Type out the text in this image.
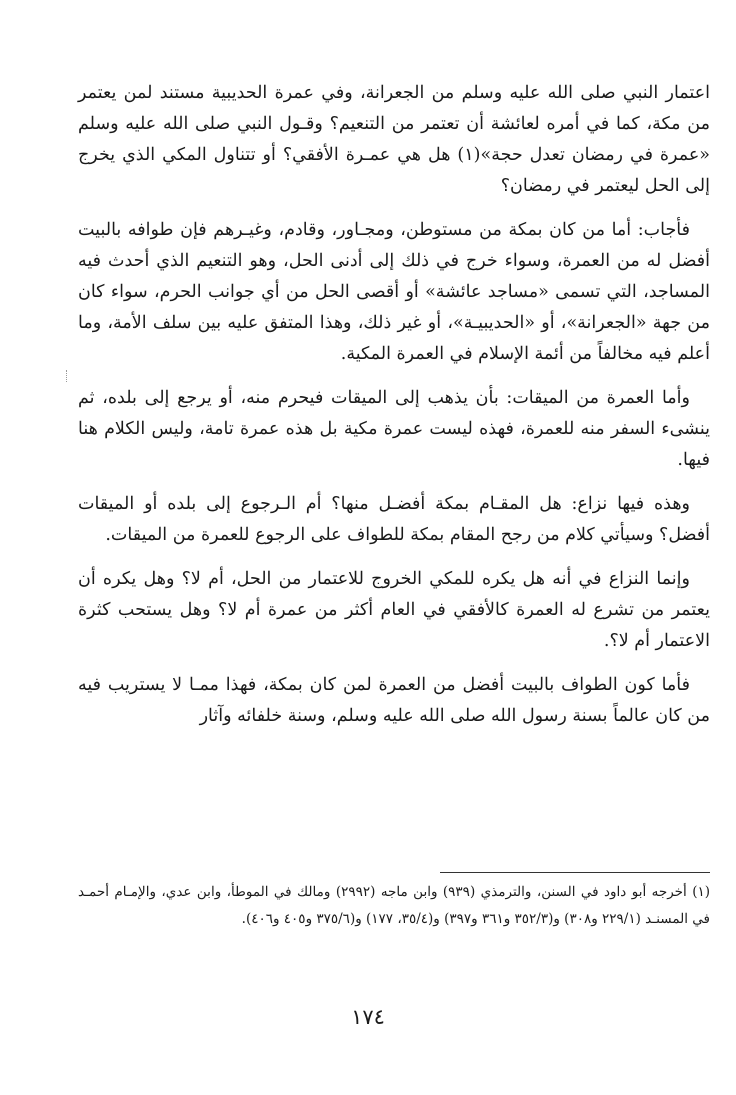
اعتمار النبي صلى الله عليه وسلم من الجعرانة، وفي عمرة الحديبية مستند لمن يعتمر من مكة، كما في أمره لعائشة أن تعتمر من التنعيم؟ وقـول النبي صلى الله عليه وسلم «عمرة في رمضان تعدل حجة»(١) هل هي عمـرة الأفقي؟ أو تتناول المكي الذي يخرج إلى الحل ليعتمر في رمضان؟

فأجاب: أما من كان بمكة من مستوطن، ومجـاور، وقادم، وغيـرهم فإن طوافه بالبيت أفضل له من العمرة، وسواء خرج في ذلك إلى أدنى الحل، وهو التنعيم الذي أحدث فيه المساجد، التي تسمى «مساجد عائشة» أو أقصى الحل من أي جوانب الحرم، سواء كان من جهة «الجعرانة»، أو «الحديبيـة»، أو غير ذلك، وهذا المتفق عليه بين سلف الأمة، وما أعلم فيه مخالفاً من أئمة الإسلام في العمرة المكية.

وأما العمرة من الميقات: بأن يذهب إلى الميقات فيحرم منه، أو يرجع إلى بلده، ثم ينشىء السفر منه للعمرة، فهذه ليست عمرة مكية بل هذه عمرة تامة، وليس الكلام هنا فيها.

وهذه فيها نزاع: هل المقـام بمكة أفضـل منها؟ أم الـرجوع إلى بلده أو الميقات أفضل؟ وسيأتي كلام من رجح المقام بمكة للطواف على الرجوع للعمرة من الميقات.

وإنما النزاع في أنه هل يكره للمكي الخروج للاعتمار من الحل، أم لا؟ وهل يكره أن يعتمر من تشرع له العمرة كالأفقي في العام أكثر من عمرة أم لا؟ وهل يستحب كثرة الاعتمار أم لا؟.

فأما كون الطواف بالبيت أفضل من العمرة لمن كان بمكة، فهذا ممـا لا يستريب فيه من كان عالماً بسنة رسول الله صلى الله عليه وسلم، وسنة خلفائه وآثار

(١) أخرجه أبو داود في السنن، والترمذي (٩٣٩) وابن ماجه (٢٩٩٢) ومالك في الموطأ، وابن عدي، والإمـام أحمـد في المسنـد (٢٢٩/١ و٣٠٨) و(٣٥٢/٣ و٣٦١ و٣٩٧) و(٣٥/٤، ١٧٧) و(٣٧٥/٦ و٤٠٥ و٤٠٦).

١٧٤
